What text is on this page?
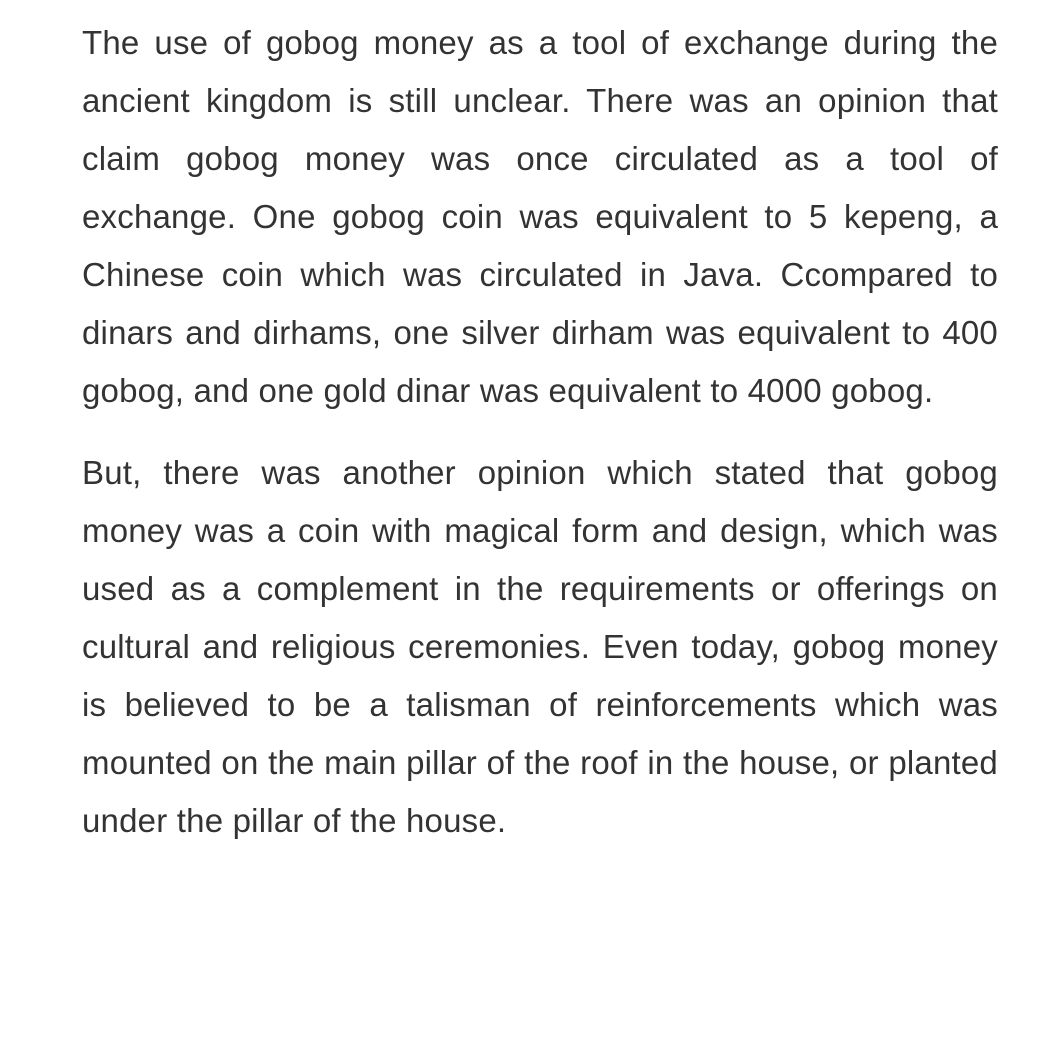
The use of gobog money as a tool of exchange during the ancient kingdom is still unclear. There was an opinion that claim gobog money was once circulated as a tool of exchange. One gobog coin was equivalent to 5 kepeng, a Chinese coin which was circulated in Java. Ccompared to dinars and dirhams, one silver dirham was equivalent to 400 gobog, and one gold dinar was equivalent to 4000 gobog.

But, there was another opinion which stated that gobog money was a coin with magical form and design, which was used as a complement in the requirements or offerings on cultural and religious ceremonies. Even today, gobog money is believed to be a talisman of reinforcements which was mounted on the main pillar of the roof in the house, or planted under the pillar of the house.
